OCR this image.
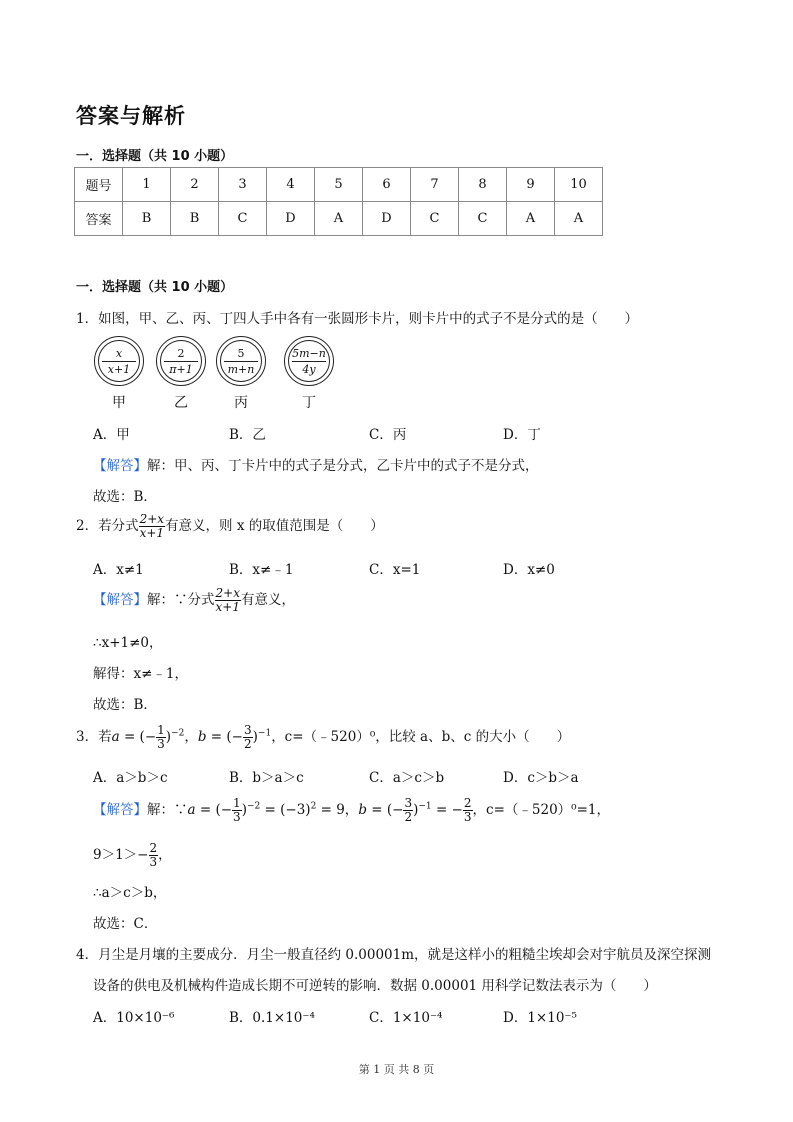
答案与解析
一．选择题（共 10 小题）
题号	1	2	3	4	5	6	7	8	9	10
答案	B	B	C	D	A	D	C	C	A	A
一．选择题（共 10 小题）
1．如图，甲、乙、丙、丁四人手中各有一张圆形卡片，则卡片中的式子不是分式的是（　　）
x
x+1
2
π+1
5
m+n
5m−n
4y
甲	乙	丙	丁
A．甲	B．乙	C．丙	D．丁
【解答】解：甲、丙、丁卡片中的式子是分式，乙卡片中的式子不是分式，
故选：B．
2．若分式 $\frac{2+x}{x+1}$ 有意义，则 x 的取值范围是（　　）
A．x≠1	B．x≠﹣1	C．x=1	D．x≠0
【解答】解：∵分式 $\frac{2+x}{x+1}$ 有意义，
∴x+1≠0，
解得：x≠﹣1，
故选：B．
3．若a = (− $\frac{1}{3} )^{-2}$，b = (− $\frac{3}{2} )^{-1}$，c=（﹣520）⁰，比较 a、b、c 的大小（　　）
A．a＞b＞c	B．b＞a＞c	C．a＞c＞b	D．c＞b＞a
【解答】解：∵a = (− $\frac{1}{3} )^{-2} = (-3)^2 = 9$，b = (− $\frac{3}{2} )^{-1}$ = − $\frac{2}{3}$ ，c=（﹣520）⁰=1，
$9>1>- \frac{2}{3}$ ，
∴a＞c＞b，
故选：C．
4．月尘是月壤的主要成分．月尘一般直径约 0.00001m，就是这样小的粗糙尘埃却会对宇航员及深空探测
设备的供电及机械构件造成长期不可逆转的影响．数据 0.00001 用科学记数法表示为（　　）
A．10×10⁻⁶	B．0.1×10⁻⁴	C．1×10⁻⁴	D．1×10⁻⁵
第 1 页 共 8 页
